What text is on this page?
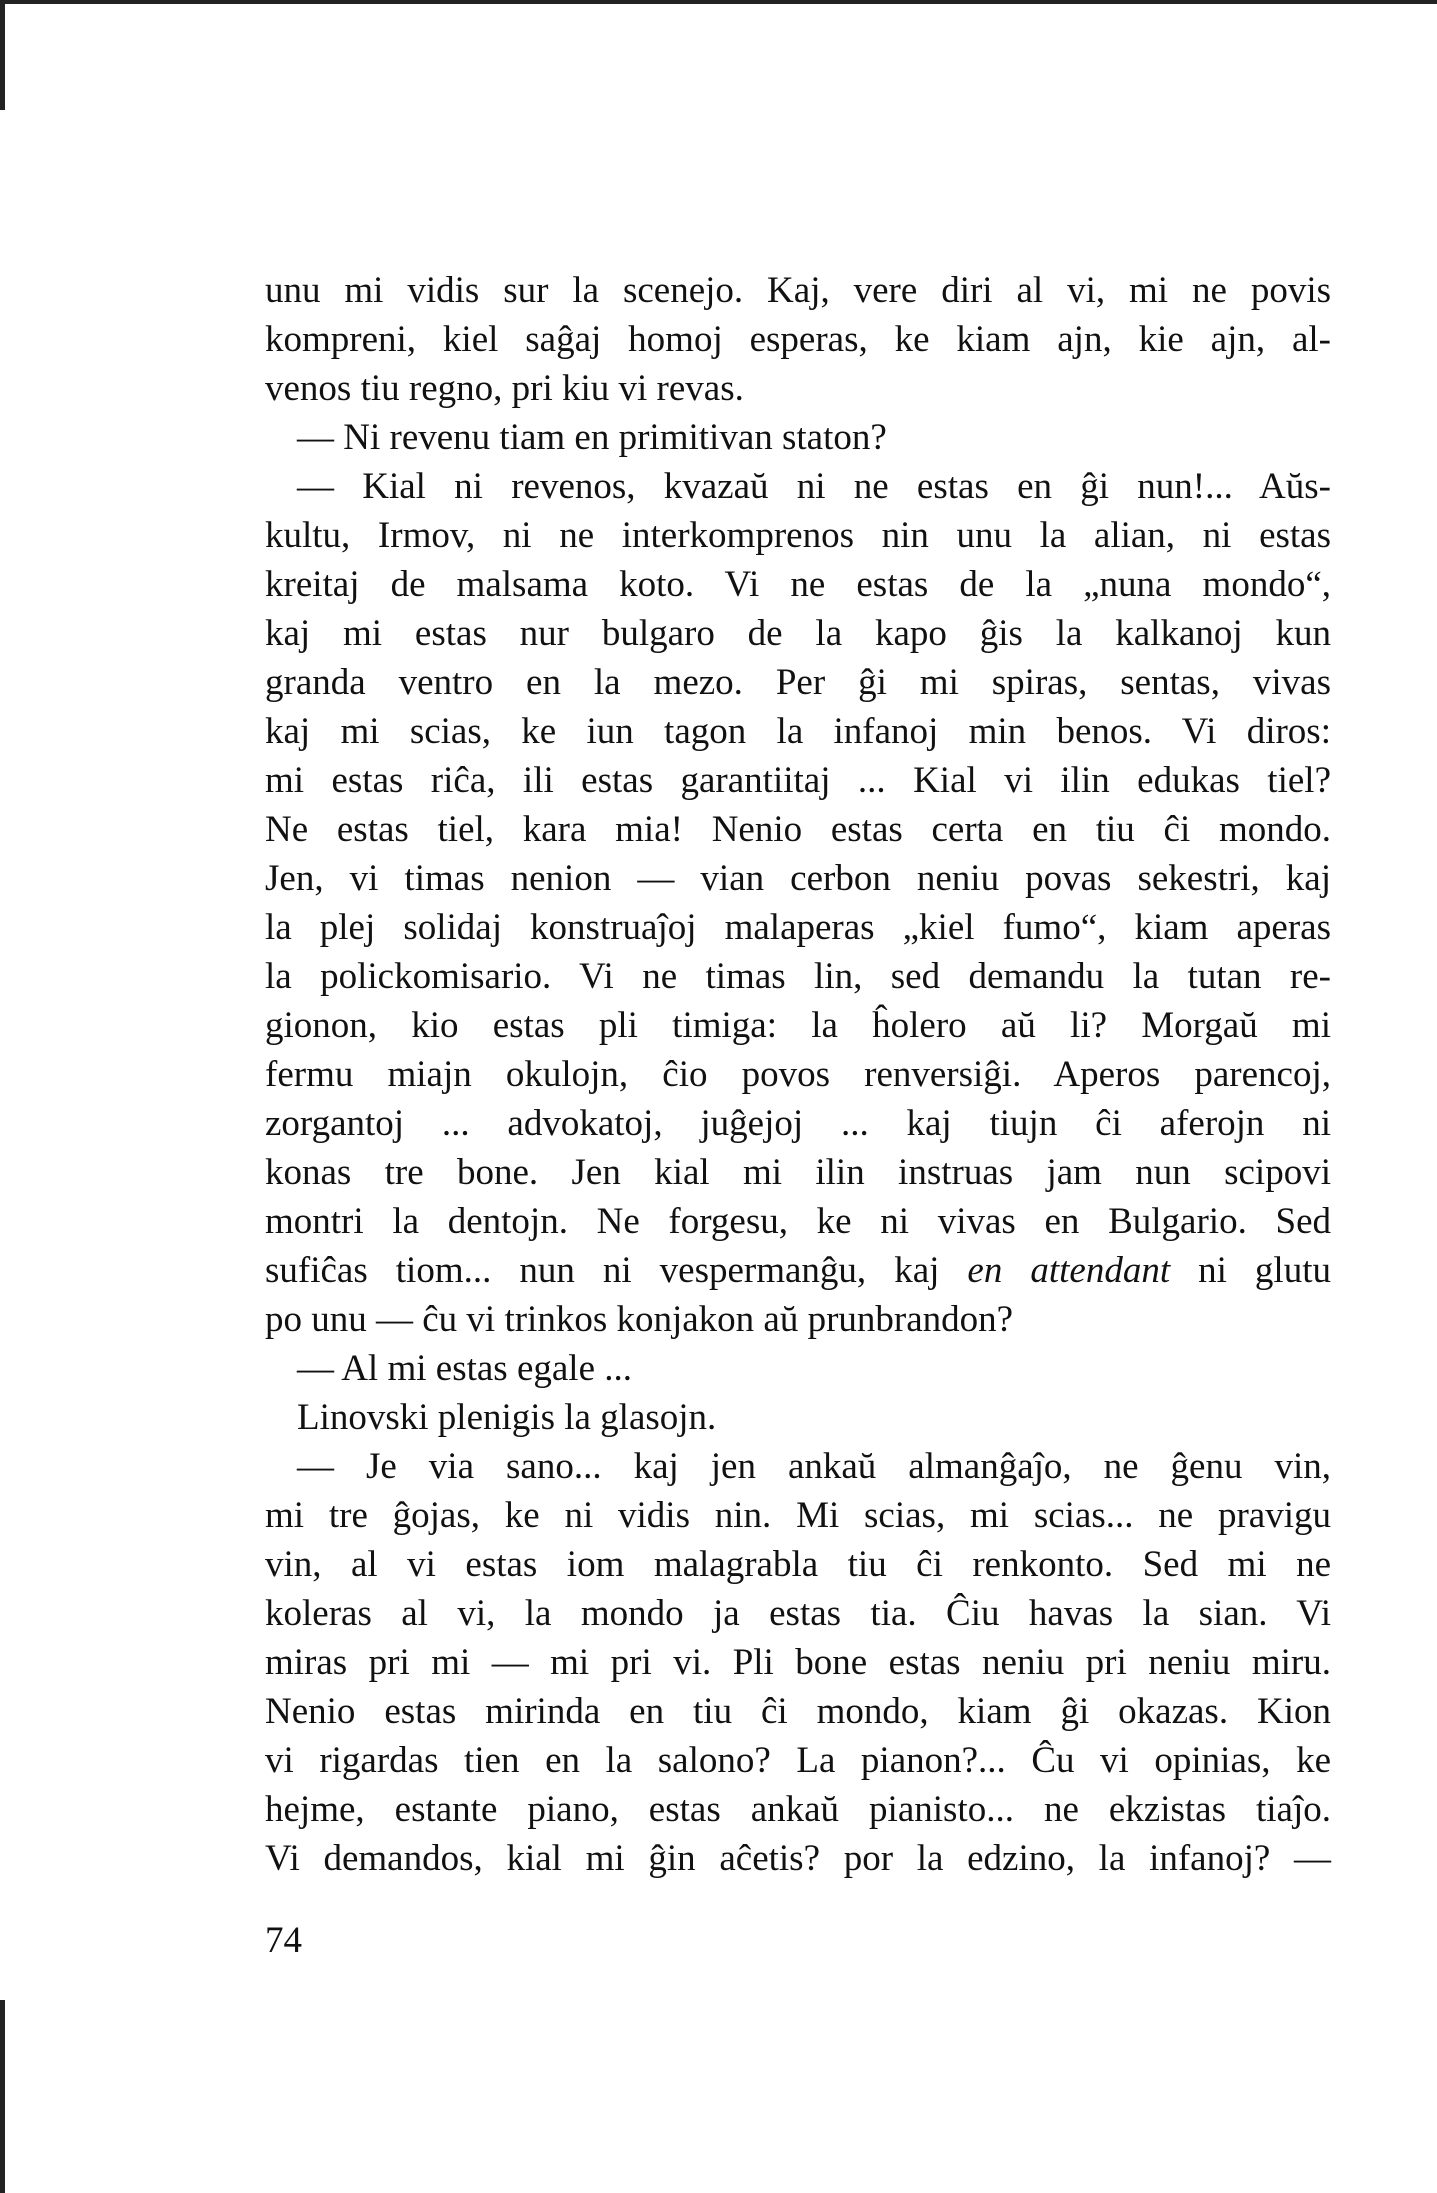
unu mi vidis sur la scenejo. Kaj, vere diri al vi, mi ne povis
kompreni, kiel saĝaj homoj esperas, ke kiam ajn, kie ajn, al-
venos tiu regno, pri kiu vi revas.
— Ni revenu tiam en primitivan staton?
— Kial ni revenos, kvazaŭ ni ne estas en ĝi nun!... Aŭs-
kultu, Irmov, ni ne interkomprenos nin unu la alian, ni estas
kreitaj de malsama koto. Vi ne estas de la „nuna mondo“,
kaj mi estas nur bulgaro de la kapo ĝis la kalkanoj kun
granda ventro en la mezo. Per ĝi mi spiras, sentas, vivas
kaj mi scias, ke iun tagon la infanoj min benos. Vi diros:
mi estas riĉa, ili estas garantiitaj ... Kial vi ilin edukas tiel?
Ne estas tiel, kara mia! Nenio estas certa en tiu ĉi mondo.
Jen, vi timas nenion — vian cerbon neniu povas sekestri, kaj
la plej solidaj konstruaĵoj malaperas „kiel fumo“, kiam aperas
la polickomisario. Vi ne timas lin, sed demandu la tutan re-
gionon, kio estas pli timiga: la ĥolero aŭ li? Morgaŭ mi
fermu miajn okulojn, ĉio povos renversiĝi. Aperos parencoj,
zorgantoj ... advokatoj, juĝejoj ... kaj tiujn ĉi aferojn ni
konas tre bone. Jen kial mi ilin instruas jam nun scipovi
montri la dentojn. Ne forgesu, ke ni vivas en Bulgario. Sed
sufiĉas tiom... nun ni vespermanĝu, kaj en attendant ni glutu
po unu — ĉu vi trinkos konjakon aŭ prunbrandon?
— Al mi estas egale ...
Linovski plenigis la glasojn.
— Je via sano... kaj jen ankaŭ almanĝaĵo, ne ĝenu vin,
mi tre ĝojas, ke ni vidis nin. Mi scias, mi scias... ne pravigu
vin, al vi estas iom malagrabla tiu ĉi renkonto. Sed mi ne
koleras al vi, la mondo ja estas tia. Ĉiu havas la sian. Vi
miras pri mi — mi pri vi. Pli bone estas neniu pri neniu miru.
Nenio estas mirinda en tiu ĉi mondo, kiam ĝi okazas. Kion
vi rigardas tien en la salono? La pianon?... Ĉu vi opinias, ke
hejme, estante piano, estas ankaŭ pianisto... ne ekzistas tiaĵo.
Vi demandos, kial mi ĝin aĉetis? por la edzino, la infanoj? —
74
